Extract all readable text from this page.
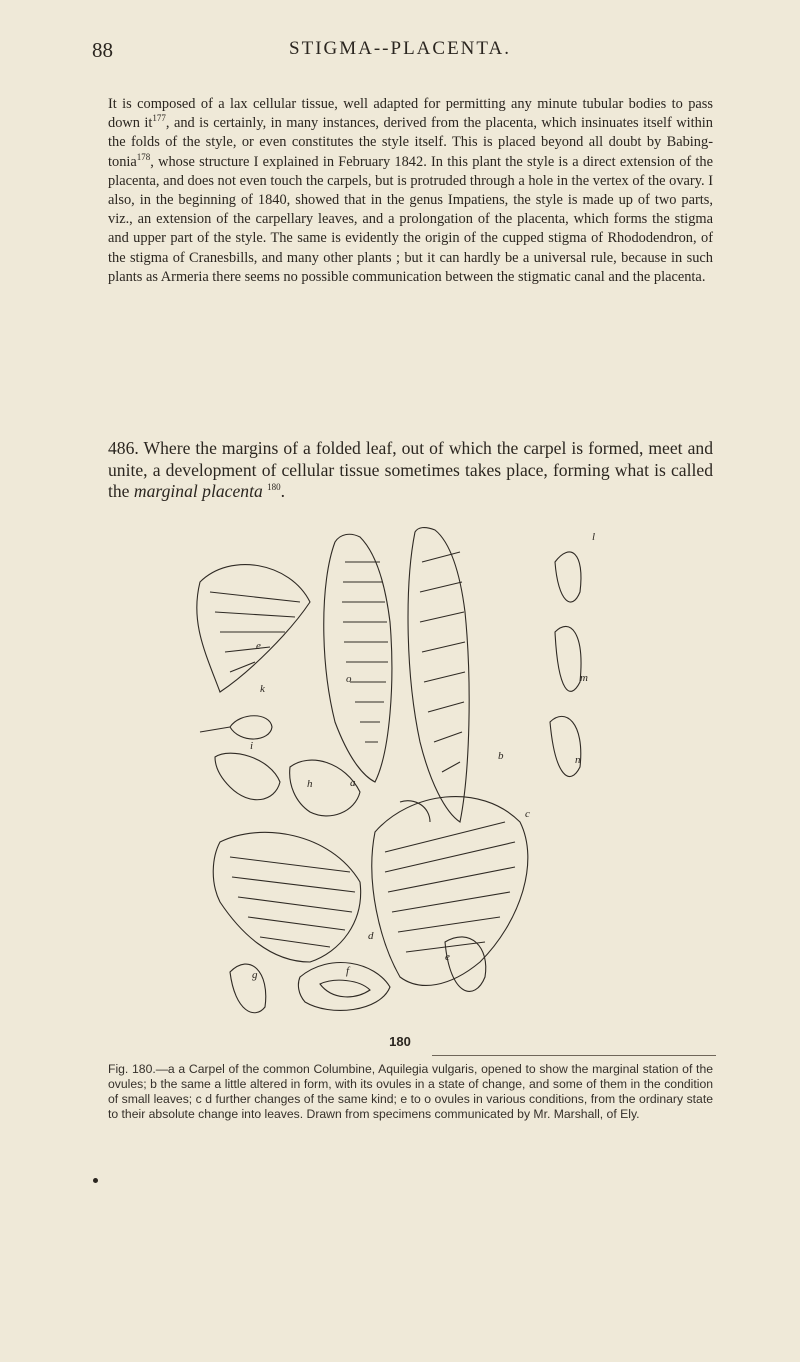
88	STIGMA--PLACENTA.

It is composed of a lax cellular tissue, well adapted for permitting any minute tubular bodies to pass down $it^{177}$, and is certainly, in many instances, derived from the placenta, which insinuates itself within the folds of the style, or even constitutes the style itself. This is placed beyond all doubt by Babing-tonia$^{178}$, whose structure I explained in February 1842. In this plant the style is a direct extension of the placenta, and does not even touch the carpels, but is protruded through a hole in the vertex of the ovary. I also, in the beginning of 1840, showed that in the genus Impatiens, the style is made up of two parts, viz., an extension of the carpellary leaves, and a prolongation of the placenta, which forms the stigma and upper part of the style. The same is evidently the origin of the cupped stigma of Rhododendron, of the stigma of Cranesbills, and many other plants ; but it can hardly be a universal rule, because in such plants as Armeria there seems no possible communication between the stigmatic canal and the placenta.

486. Where the margins of a folded leaf, out of which the carpel is formed, meet and unite, a development of cellular tissue sometimes takes place, forming what is called the marginal placenta $^{180}$.

e
k
i
h
o
a
l
m
n
b
c
d
g	f
e
180

Fig. 180.—a a Carpel of the common Columbine, Aquilegia vulgaris, opened to show the marginal station of the ovules; b the same a little altered in form, with its ovules in a state of change, and some of them in the condition of small leaves; c d further changes of the same kind; e to o ovules in various conditions, from the ordinary state to their absolute change into leaves. Drawn from specimens communicated by Mr. Marshall, of Ely.
